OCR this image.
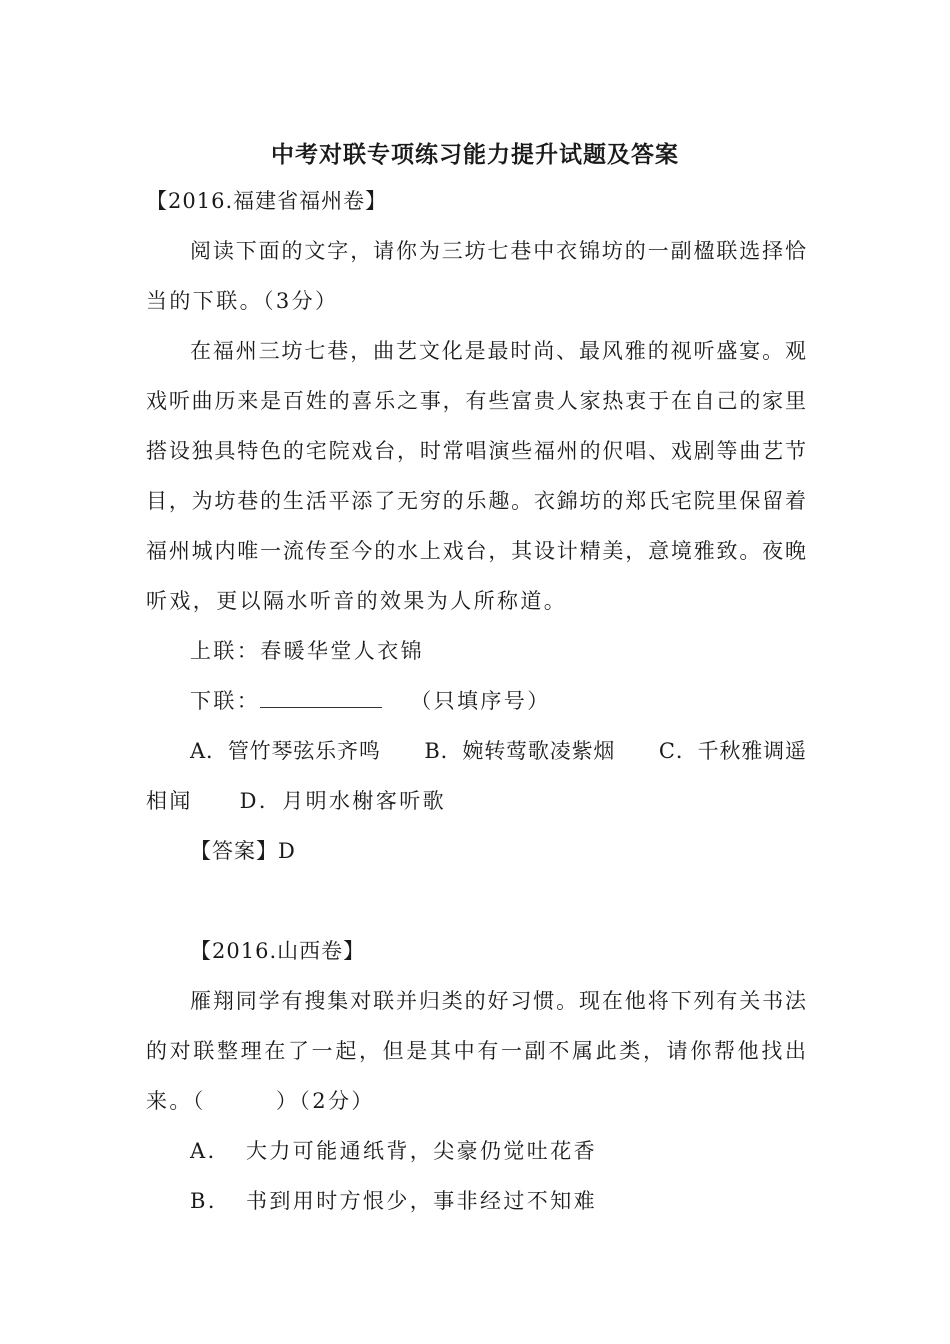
中考对联专项练习能力提升试题及答案
【2016.福建省福州卷】
阅读下面的文字，请你为三坊七巷中衣锦坊的一副楹联选择恰
当的下联。（3分）
在福州三坊七巷，曲艺文化是最时尚、最风雅的视听盛宴。观
戏听曲历来是百姓的喜乐之事，有些富贵人家热衷于在自己的家里
搭设独具特色的宅院戏台，时常唱演些福州的伬唱、戏剧等曲艺节
目，为坊巷的生活平添了无穷的乐趣。衣錦坊的郑氏宅院里保留着
福州城内唯一流传至今的水上戏台，其设计精美，意境雅致。夜晚
听戏，更以隔水听音的效果为人所称道。
上联：春暖华堂人衣锦
下联：	（只填序号）
A．管竹琴弦乐齐鸣　　B．婉转莺歌凌紫烟　　C．千秋雅调遥
相闻　　D．月明水榭客听歌
【答案】D
【2016.山西卷】
雁翔同学有搜集对联并归类的好习惯。现在他将下列有关书法
的对联整理在了一起，但是其中有一副不属此类，请你帮他找出
来。（　　　）（2分）
A． 大力可能通纸背，尖豪仍觉吐花香
B． 书到用时方恨少，事非经过不知难
